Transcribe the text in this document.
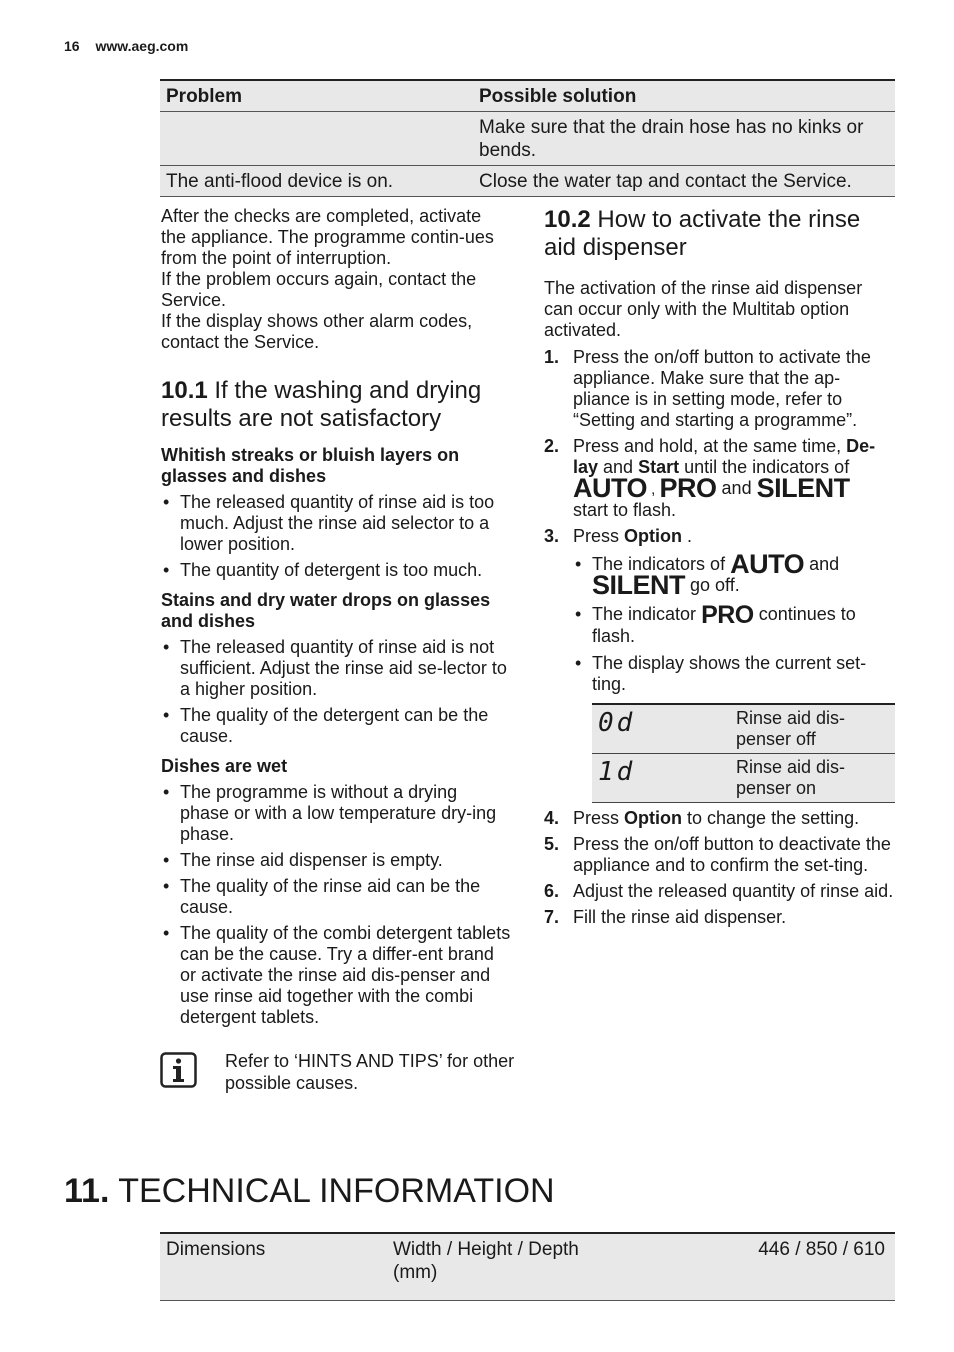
16 www.aeg.com
Problem	Possible solution
	Make sure that the drain hose has no kinks or bends.
The anti-flood device is on.	Close the water tap and contact the Service.

After the checks are completed, activate the appliance. The programme contin-ues from the point of interruption.

If the problem occurs again, contact the Service.

If the display shows other alarm codes, contact the Service.

10.1 If the washing and drying results are not satisfactory

Whitish streaks or bluish layers on glasses and dishes

• The released quantity of rinse aid is too much. Adjust the rinse aid selector to a lower position.
• The quantity of detergent is too much.

Stains and dry water drops on glasses and dishes

• The released quantity of rinse aid is not sufficient. Adjust the rinse aid se-lector to a higher position.
• The quality of the detergent can be the cause.

Dishes are wet

• The programme is without a drying phase or with a low temperature dry-ing phase.
• The rinse aid dispenser is empty.
• The quality of the rinse aid can be the cause.
• The quality of the combi detergent tablets can be the cause. Try a differ-ent brand or activate the rinse aid dis-penser and use rinse aid together with the combi detergent tablets.
Refer to ‘HINTS AND TIPS’ for other possible causes.
10.2 How to activate the rinse aid dispenser

The activation of the rinse aid dispenser can occur only with the Multitab option activated.

1. Press the on/off button to activate the appliance. Make sure that the ap-pliance is in setting mode, refer to “Setting and starting a programme”.
2. Press and hold, at the same time, De-lay and Start until the indicators of
AUTO , PRO and SILENT
start to flash.
3. Press Option .
• The indicators of AUTO and
SILENT go off.
• The indicator PRO continues to flash.
• The display shows the current set-ting.
0d	Rinse aid dis-penser off
1d	Rinse aid dis-penser on
4. Press Option to change the setting.
5. Press the on/off button to deactivate the appliance and to confirm the set-ting.
6. Adjust the released quantity of rinse aid.
7. Fill the rinse aid dispenser.
11. TECHNICAL INFORMATION
Dimensions	Width / Height / Depth (mm)	446 / 850 / 610
